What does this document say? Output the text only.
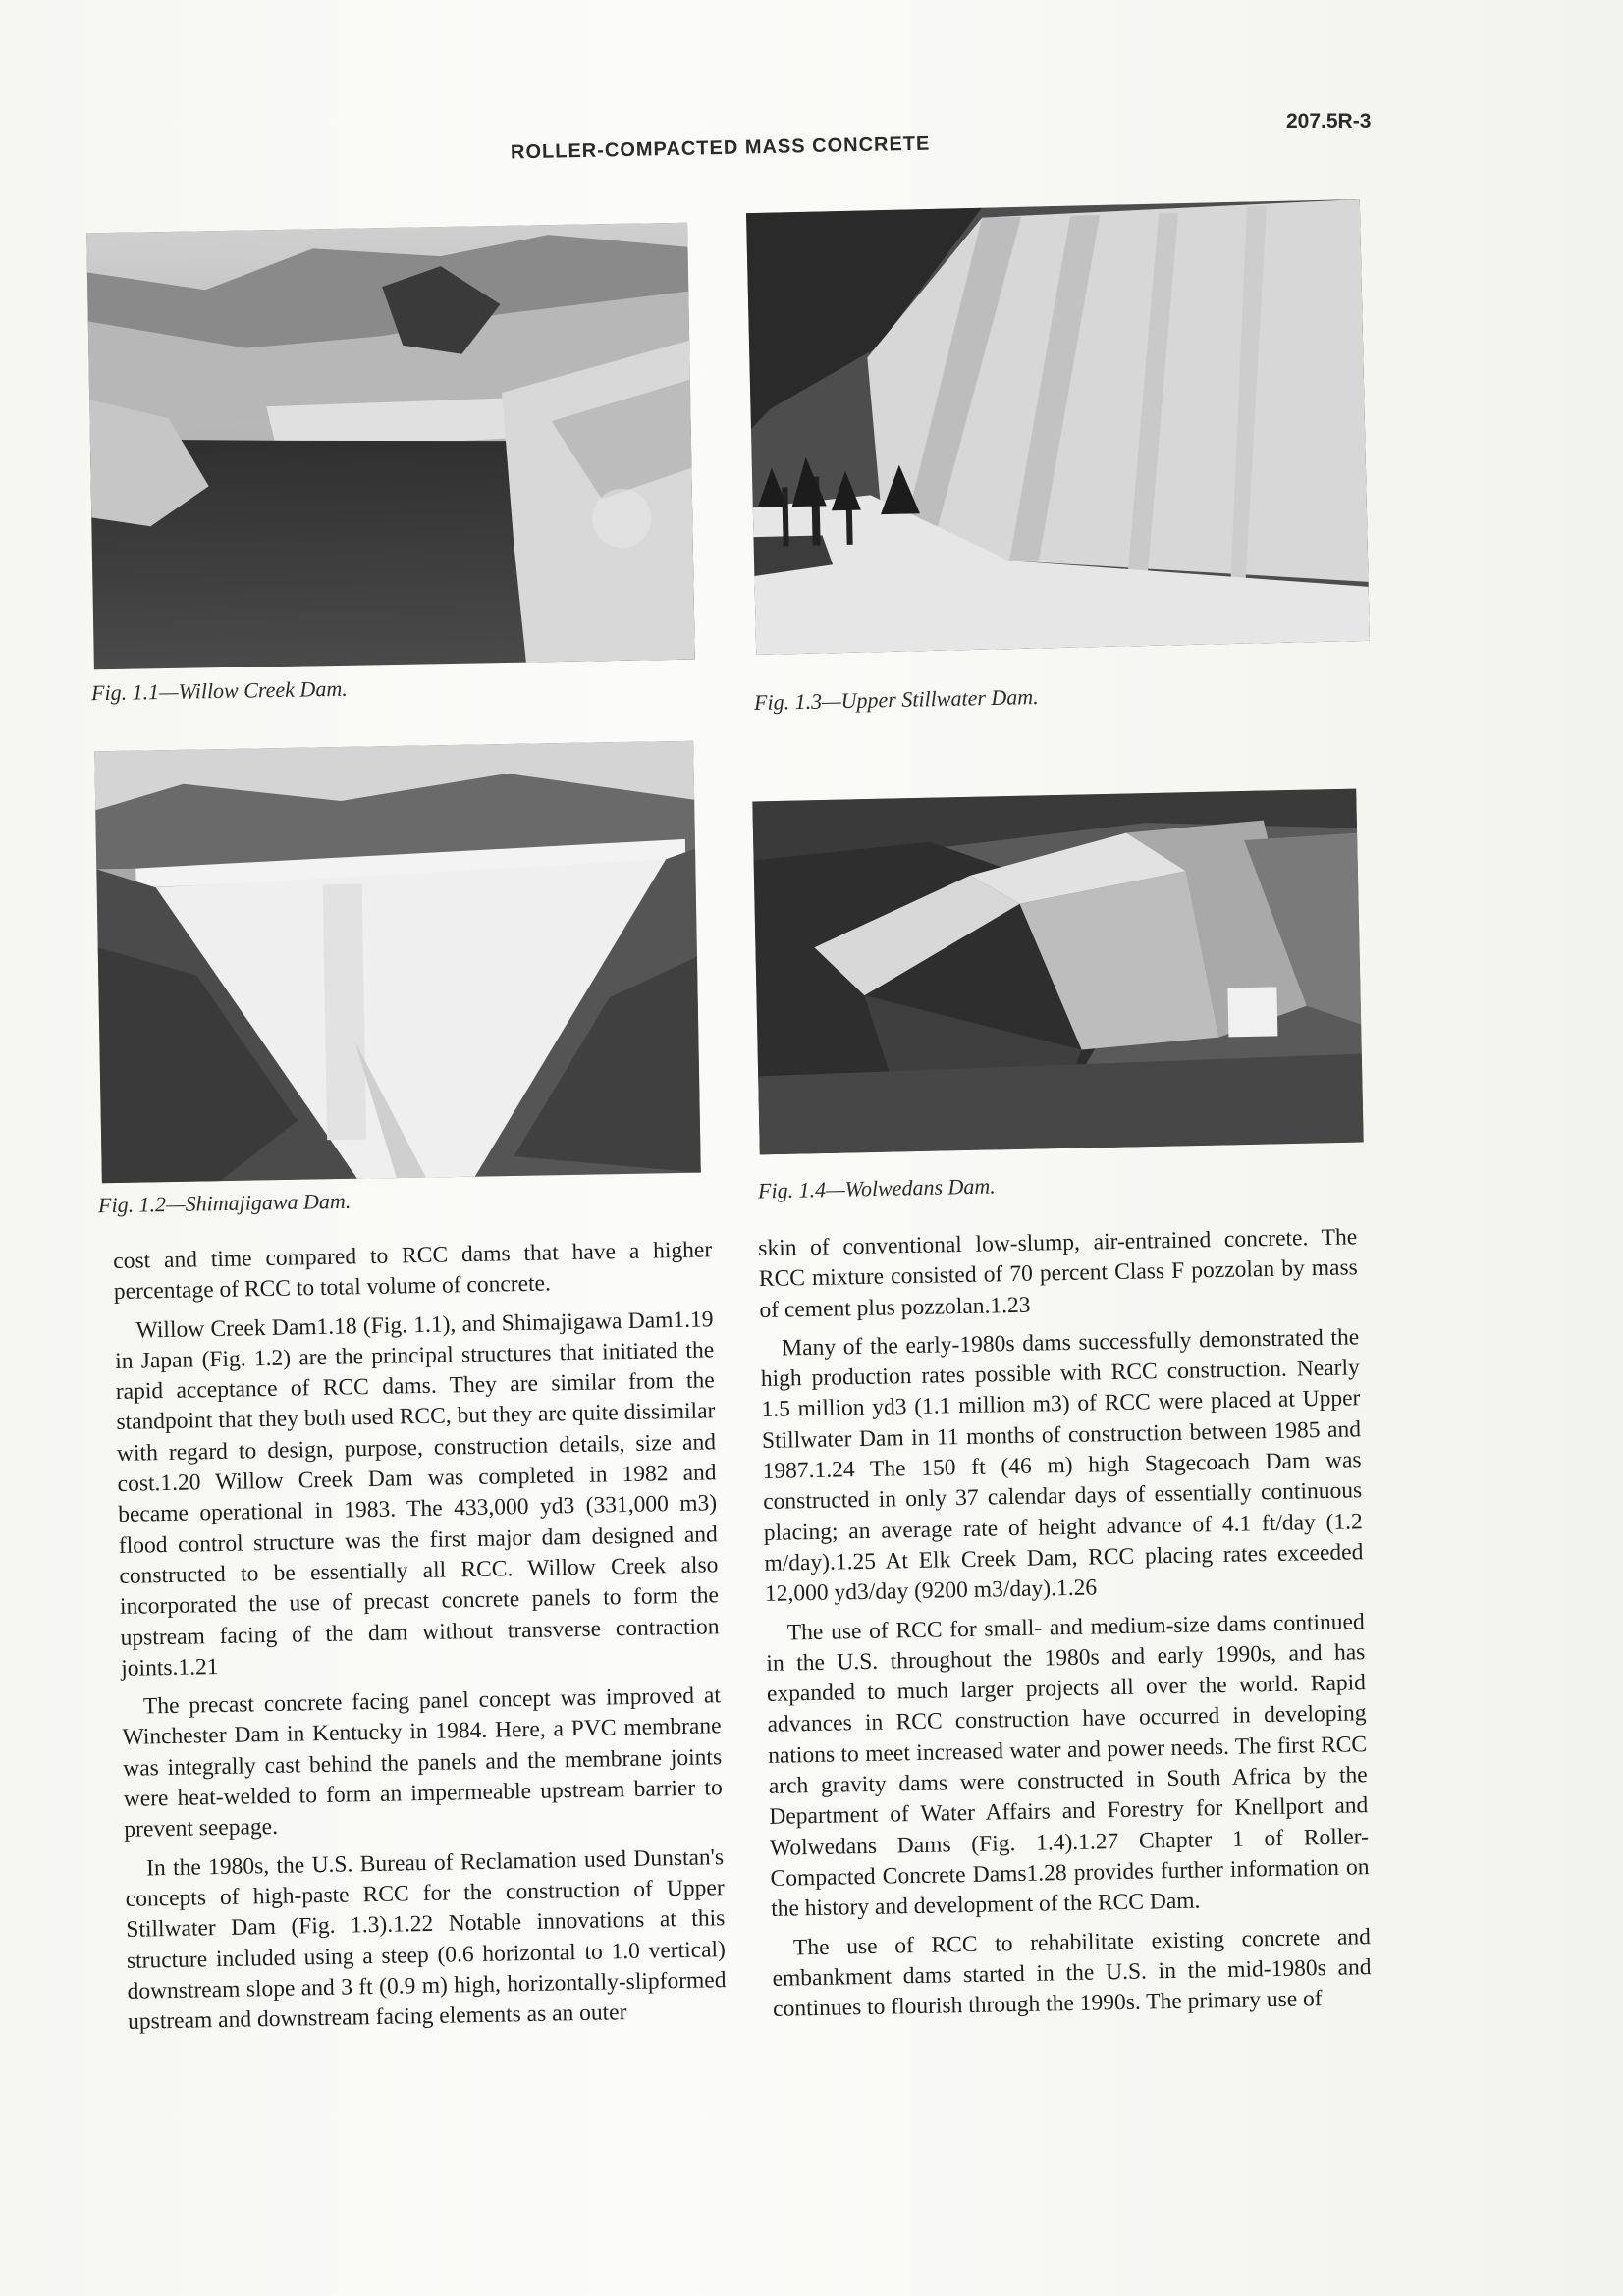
ROLLER-COMPACTED MASS CONCRETE
207.5R-3
Fig. 1.1—Willow Creek Dam.	Fig. 1.3—Upper Stillwater Dam.
Fig. 1.2—Shimajigawa Dam.	Fig. 1.4—Wolwedans Dam.

cost and time compared to RCC dams that have a higher percentage of RCC to total volume of concrete.

Willow Creek Dam1.18 (Fig. 1.1), and Shimajigawa Dam1.19 in Japan (Fig. 1.2) are the principal structures that initiated the rapid acceptance of RCC dams. They are similar from the standpoint that they both used RCC, but they are quite dissimilar with regard to design, purpose, construction details, size and cost.1.20 Willow Creek Dam was completed in 1982 and became operational in 1983. The 433,000 yd3 (331,000 m3) flood control structure was the first major dam designed and constructed to be essentially all RCC. Willow Creek also incorporated the use of precast concrete panels to form the upstream facing of the dam without transverse contraction joints.1.21

The precast concrete facing panel concept was improved at Winchester Dam in Kentucky in 1984. Here, a PVC membrane was integrally cast behind the panels and the membrane joints were heat-welded to form an impermeable upstream barrier to prevent seepage.

In the 1980s, the U.S. Bureau of Reclamation used Dunstan's concepts of high-paste RCC for the construction of Upper Stillwater Dam (Fig. 1.3).1.22 Notable innovations at this structure included using a steep (0.6 horizontal to 1.0 vertical) downstream slope and 3 ft (0.9 m) high, horizontally-slipformed upstream and downstream facing elements as an outer

skin of conventional low-slump, air-entrained concrete. The RCC mixture consisted of 70 percent Class F pozzolan by mass of cement plus pozzolan.1.23

Many of the early-1980s dams successfully demonstrated the high production rates possible with RCC construction. Nearly 1.5 million yd3 (1.1 million m3) of RCC were placed at Upper Stillwater Dam in 11 months of construction between 1985 and 1987.1.24 The 150 ft (46 m) high Stagecoach Dam was constructed in only 37 calendar days of essentially continuous placing; an average rate of height advance of 4.1 ft/day (1.2 m/day).1.25 At Elk Creek Dam, RCC placing rates exceeded 12,000 yd3/day (9200 m3/day).1.26

The use of RCC for small- and medium-size dams continued in the U.S. throughout the 1980s and early 1990s, and has expanded to much larger projects all over the world. Rapid advances in RCC construction have occurred in developing nations to meet increased water and power needs. The first RCC arch gravity dams were constructed in South Africa by the Department of Water Affairs and Forestry for Knellport and Wolwedans Dams (Fig. 1.4).1.27 Chapter 1 of Roller-Compacted Concrete Dams1.28 provides further information on the history and development of the RCC Dam.

The use of RCC to rehabilitate existing concrete and embankment dams started in the U.S. in the mid-1980s and continues to flourish through the 1990s. The primary use of
